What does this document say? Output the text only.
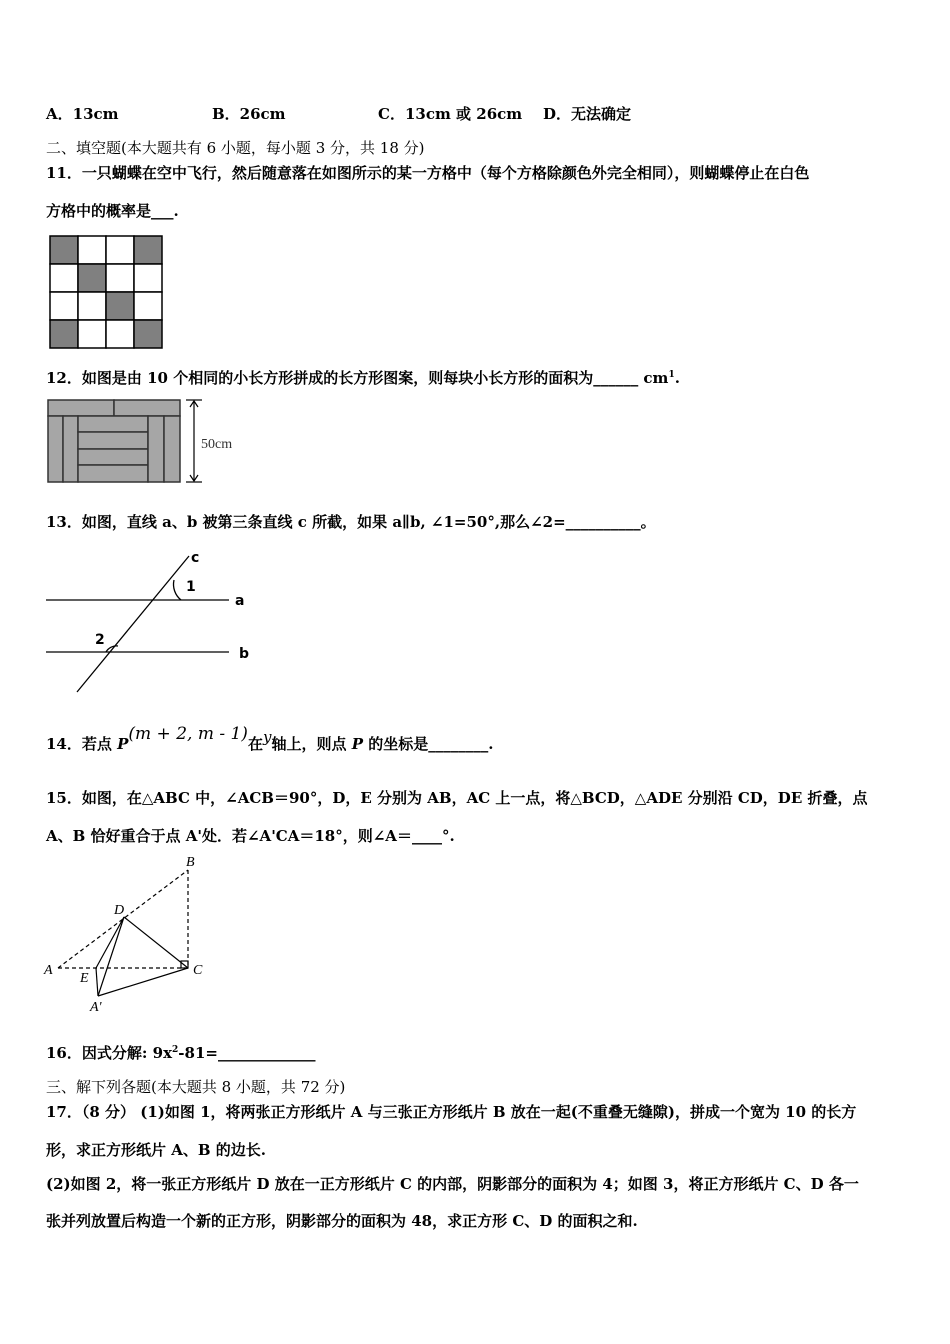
A．13cm	B．26cm	C．13cm 或 26cm D．无法确定
二、填空题(本大题共有 6 小题，每小题 3 分，共 18 分)
11．一只蝴蝶在空中飞行，然后随意落在如图所示的某一方格中（每个方格除颜色外完全相同），则蝴蝶停止在白色
方格中的概率是___.
12．如图是由 10 个相同的小长方形拼成的长方形图案，则每块小长方形的面积为______ $cm^1$.
50cm
13．如图，直线 a、b 被第三条直线 c 所截，如果 a∥b, ∠1=50°,那么∠2=__________。
c
1
a
2
b
14．若点 P(m + 2, m - 1)在y轴上，则点 P 的坐标是________.
15．如图，在△ABC 中，∠ACB＝90°，D，E 分别为 AB，AC 上一点，将△BCD，△ADE 分别沿 CD，DE 折叠，点
A、B 恰好重合于点 A'处．若∠A'CA＝18°，则∠A＝____°.
B
D
A
E
C
A'
16．因式分解: $9x^2-81=\_\_\_\_\_\_\_\_\_\_\_\_\_$
三、解下列各题(本大题共 8 小题，共 72 分)
17．（8 分） (1)如图 1，将两张正方形纸片 A 与三张正方形纸片 B 放在一起(不重叠无缝隙)，拼成一个宽为 10 的长方
形，求正方形纸片 A、B 的边长.
(2)如图 2，将一张正方形纸片 D 放在一正方形纸片 C 的内部，阴影部分的面积为 4；如图 3，将正方形纸片 C、D 各一
张并列放置后构造一个新的正方形，阴影部分的面积为 48，求正方形 C、D 的面积之和.
